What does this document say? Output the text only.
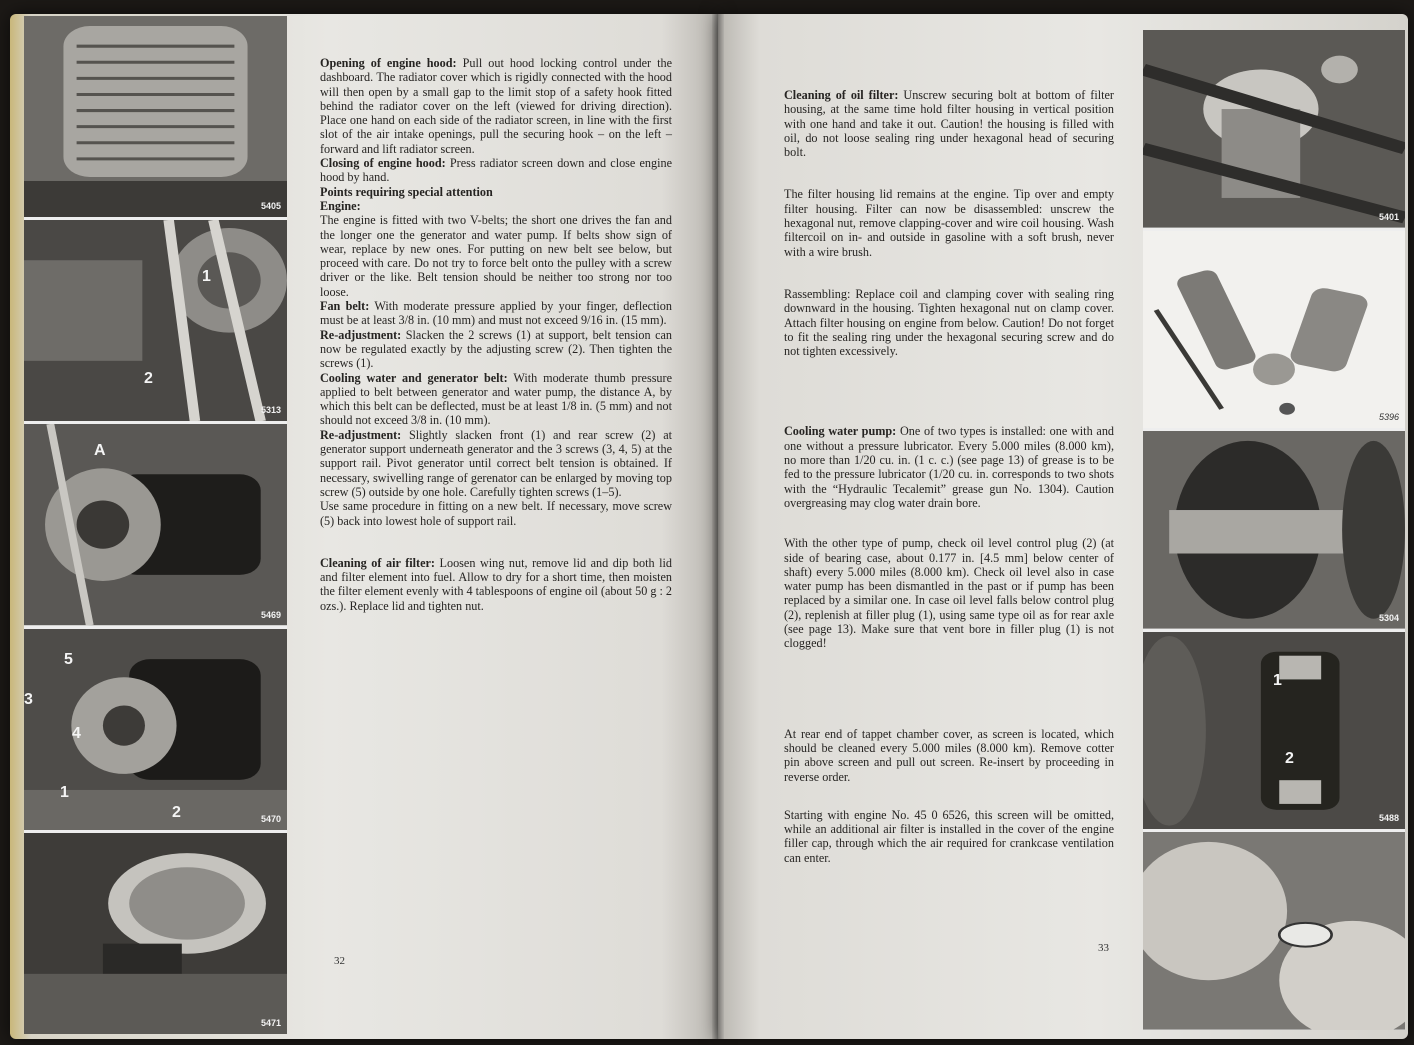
5405
1
2
5313
A
5469
5
3
4
1
2	5470
5471

Opening of engine hood: Pull out hood locking control under the dashboard. The radiator cover which is rigidly connected with the hood will then open by a small gap to the limit stop of a safety hook fitted behind the radiator cover on the left (viewed for driving direction). Place one hand on each side of the radiator screen, in line with the first slot of the air intake openings, pull the securing hook – on the left – forward and lift radiator screen.

Closing of engine hood: Press radiator screen down and close engine hood by hand.

Points requiring special attention

Engine:

The engine is fitted with two V-belts; the short one drives the fan and the longer one the generator and water pump. If belts show sign of wear, replace by new ones. For putting on new belt see below, but proceed with care. Do not try to force belt onto the pulley with a screw driver or the like. Belt tension should be neither too strong nor too loose.

Fan belt: With moderate pressure applied by your finger, deflection must be at least 3/8 in. (10 mm) and must not exceed 9/16 in. (15 mm).

Re-adjustment: Slacken the 2 screws (1) at support, belt tension can now be regulated exactly by the adjusting screw (2). Then tighten the screws (1).

Cooling water and generator belt: With moderate thumb pressure applied to belt between generator and water pump, the distance A, by which this belt can be deflected, must be at least 1/8 in. (5 mm) and not should not exceed 3/8 in. (10 mm).

Re-adjustment: Slightly slacken front (1) and rear screw (2) at generator support underneath generator and the 3 screws (3, 4, 5) at the support rail. Pivot generator until correct belt tension is obtained. If necessary, swivelling range of gerenator can be enlarged by moving top screw (5) outside by one hole. Carefully tighten screws (1–5).

Use same procedure in fitting on a new belt. If necessary, move screw (5) back into lowest hole of support rail.

Cleaning of air filter: Loosen wing nut, remove lid and dip both lid and filter element into fuel. Allow to dry for a short time, then moisten the filter element evenly with 4 tablespoons of engine oil (about 50 g : 2 ozs.). Replace lid and tighten nut.

32

Cleaning of oil filter: Unscrew securing bolt at bottom of filter housing, at the same time hold filter housing in vertical position with one hand and take it out. Caution! the housing is filled with oil, do not loose sealing ring under hexagonal head of securing bolt.

The filter housing lid remains at the engine. Tip over and empty filter housing. Filter can now be disassembled: unscrew the hexagonal nut, remove clapping-cover and wire coil housing. Wash filtercoil on in- and outside in gasoline with a soft brush, never with a wire brush.

Rassembling: Replace coil and clamping cover with sealing ring downward in the housing. Tighten hexagonal nut on clamp cover. Attach filter housing on engine from below. Caution! Do not forget to fit the sealing ring under the hexagonal securing screw and do not tighten excessively.

Cooling water pump: One of two types is installed: one with and one without a pressure lubricator. Every 5.000 miles (8.000 km), no more than 1/20 cu. in. (1 c. c.) (see page 13) of grease is to be fed to the pressure lubricator (1/20 cu. in. corresponds to two shots with the “Hydraulic Tecalemit” grease gun No. 1304). Caution overgreasing may clog water drain bore.

With the other type of pump, check oil level control plug (2) (at side of bearing case, about 0.177 in. [4.5 mm] below center of shaft) every 5.000 miles (8.000 km). Check oil level also in case water pump has been dismantled in the past or if pump has been replaced by a similar one. In case oil level falls below control plug (2), replenish at filler plug (1), using same type oil as for rear axle (see page 13). Make sure that vent bore in filler plug (1) is not clogged!

At rear end of tappet chamber cover, as screen is located, which should be cleaned every 5.000 miles (8.000 km). Remove cotter pin above screen and pull out screen. Re-insert by proceeding in reverse order.

Starting with engine No. 45 0 6526, this screen will be omitted, while an additional air filter is installed in the cover of the engine filler cap, through which the air required for crankcase ventilation can enter.

33
5401
5396
5304
1
2
5488
